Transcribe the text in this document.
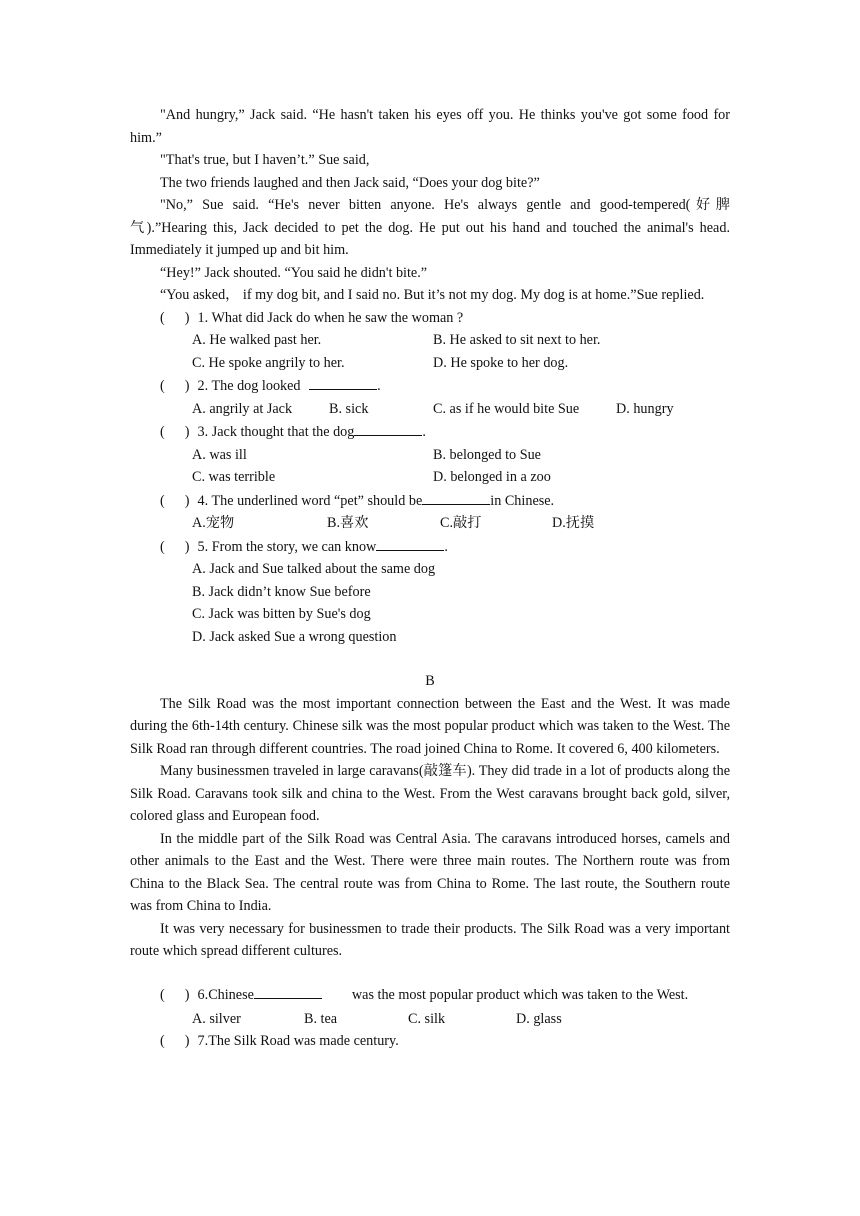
"And hungry,” Jack said. “He hasn't taken his eyes off you. He thinks you've got some food for him.”

"That's true, but I haven’t.” Sue said,

The two friends laughed and then Jack said, “Does your dog bite?”

"No,” Sue said. “He's never bitten anyone. He's always gentle and good-tempered(好脾气).”Hearing this, Jack decided to pet the dog. He put out his hand and touched the animal's head. Immediately it jumped up and bit him.

“Hey!” Jack shouted. “You said he didn't bite.”

“You asked， if my dog bit, and I said no. But it’s not my dog. My dog is at home.”Sue replied.

( ) 1. What did Jack do when he saw the woman ?
A. He walked past her.	B. He asked to sit next to her.
C. He spoke angrily to her.	D. He spoke to her dog.
( ) 2. The dog looked	.
A. angrily at Jack	B. sick	C. as if he would bite Sue	D. hungry
( ) 3. Jack thought that the dog	.
A. was ill	B. belonged to Sue
C. was terrible	D. belonged in a zoo
( ) 4. The underlined word “pet” should be	in Chinese.
A.宠物	B.喜欢	C.敲打	D.抚摸
( ) 5. From the story, we can know	.
A. Jack and Sue talked about the same dog
B. Jack didn’t know Sue before
C. Jack was bitten by Sue's dog
D. Jack asked Sue a wrong question
B

The Silk Road was the most important connection between the East and the West. It was made during the 6th-14th century. Chinese silk was the most popular product which was taken to the West. The Silk Road ran through different countries. The road joined China to Rome. It covered 6, 400 kilometers.

Many businessmen traveled in large caravans(敲篷车). They did trade in a lot of products along the Silk Road. Caravans took silk and china to the West. From the West caravans brought back gold, silver, colored glass and European food.

In the middle part of the Silk Road was Central Asia. The caravans introduced horses, camels and other animals to the East and the West. There were three main routes. The Northern route was from China to the Black Sea. The central route was from China to Rome. The last route, the Southern route was from China to India.

It was very necessary for businessmen to trade their products. The Silk Road was a very important route which spread different cultures.

( ) 6.Chinese	was the most popular product which was taken to the West.
A. silver	B. tea	C. silk	D. glass
( ) 7.The Silk Road was made century.
